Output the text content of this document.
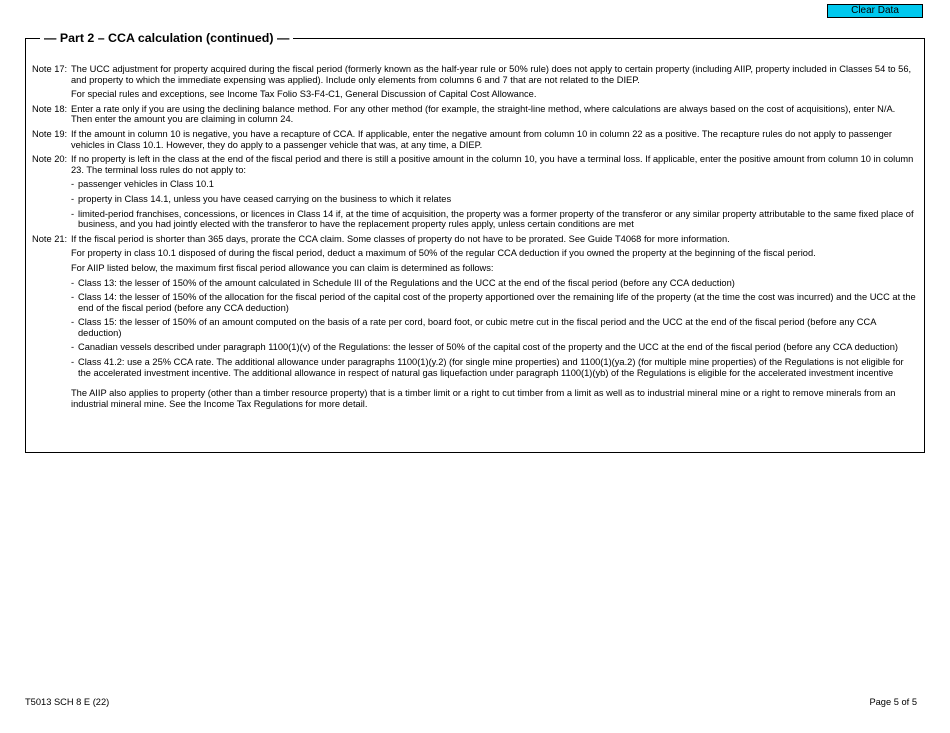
Clear Data
— Part 2 – CCA calculation (continued) —
Note 17: The UCC adjustment for property acquired during the fiscal period (formerly known as the half-year rule or 50% rule) does not apply to certain property (including AIIP, property included in Classes 54 to 56, and property to which the immediate expensing was applied). Include only elements from columns 6 and 7 that are not related to the DIEP.

For special rules and exceptions, see Income Tax Folio S3-F4-C1, General Discussion of Capital Cost Allowance.

Note 18: Enter a rate only if you are using the declining balance method. For any other method (for example, the straight-line method, where calculations are always based on the cost of acquisitions), enter N/A. Then enter the amount you are claiming in column 24.

Note 19: If the amount in column 10 is negative, you have a recapture of CCA. If applicable, enter the negative amount from column 10 in column 22 as a positive. The recapture rules do not apply to passenger vehicles in Class 10.1. However, they do apply to a passenger vehicle that was, at any time, a DIEP.

Note 20: If no property is left in the class at the end of the fiscal period and there is still a positive amount in the column 10, you have a terminal loss. If applicable, enter the positive amount from column 10 in column 23. The terminal loss rules do not apply to:

- passenger vehicles in Class 10.1
- property in Class 14.1, unless you have ceased carrying on the business to which it relates
- limited-period franchises, concessions, or licences in Class 14 if, at the time of acquisition, the property was a former property of the transferor or any similar property attributable to the same fixed place of business, and you had jointly elected with the transferor to have the replacement property rules apply, unless certain conditions are met
Note 21: If the fiscal period is shorter than 365 days, prorate the CCA claim. Some classes of property do not have to be prorated. See Guide T4068 for more information.

For property in class 10.1 disposed of during the fiscal period, deduct a maximum of 50% of the regular CCA deduction if you owned the property at the beginning of the fiscal period.

For AIIP listed below, the maximum first fiscal period allowance you can claim is determined as follows:

- Class 13: the lesser of 150% of the amount calculated in Schedule III of the Regulations and the UCC at the end of the fiscal period (before any CCA deduction)
- Class 14: the lesser of 150% of the allocation for the fiscal period of the capital cost of the property apportioned over the remaining life of the property (at the time the cost was incurred) and the UCC at the end of the fiscal period (before any CCA deduction)
- Class 15: the lesser of 150% of an amount computed on the basis of a rate per cord, board foot, or cubic metre cut in the fiscal period and the UCC at the end of the fiscal period (before any CCA deduction)
- Canadian vessels described under paragraph 1100(1)(v) of the Regulations: the lesser of 50% of the capital cost of the property and the UCC at the end of the fiscal period (before any CCA deduction)
- Class 41.2: use a 25% CCA rate. The additional allowance under paragraphs 1100(1)(y.2) (for single mine properties) and 1100(1)(ya.2) (for multiple mine properties) of the Regulations is not eligible for the accelerated investment incentive. The additional allowance in respect of natural gas liquefaction under paragraph 1100(1)(yb) of the Regulations is eligible for the accelerated investment incentive

The AIIP also applies to property (other than a timber resource property) that is a timber limit or a right to cut timber from a limit as well as to industrial mineral mine or a right to remove minerals from an industrial mineral mine. See the Income Tax Regulations for more detail.

T5013 SCH 8 E (22)	Page 5 of 5
